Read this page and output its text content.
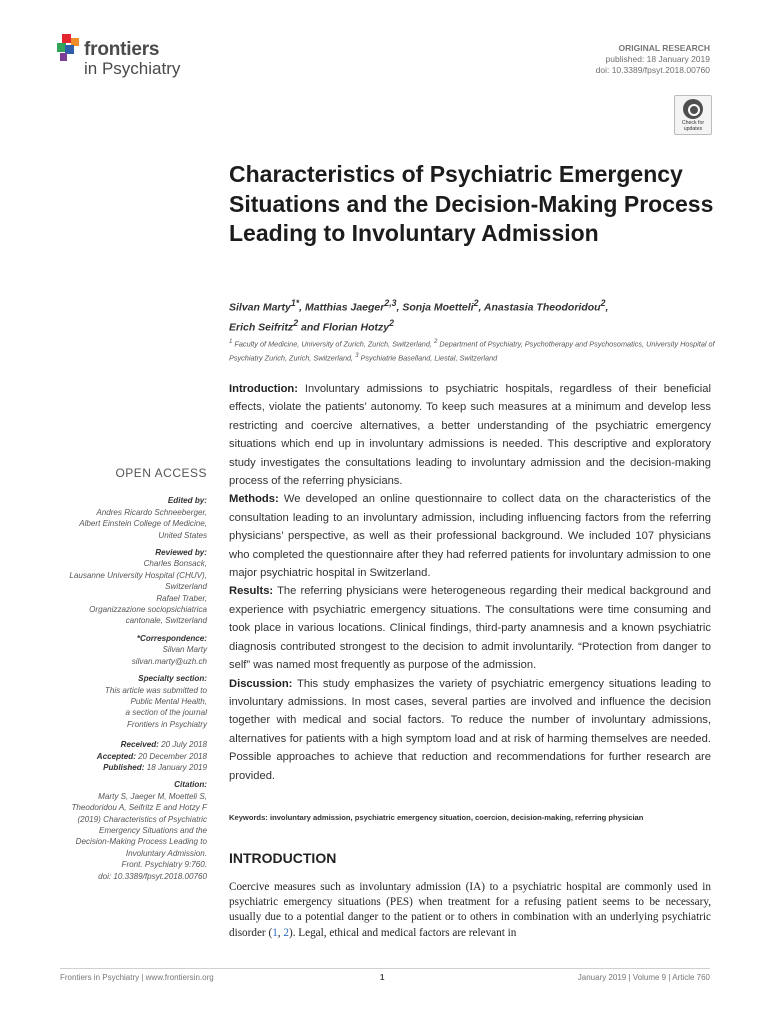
frontiers
in Psychiatry
ORIGINAL RESEARCH
published: 18 January 2019
doi: 10.3389/fpsyt.2018.00760
Check for updates
Characteristics of Psychiatric Emergency Situations and the Decision-Making Process Leading to Involuntary Admission
Silvan Marty$^{1*}$, Matthias Jaeger$^{2,3}$, Sonja Moetteli$^2$, Anastasia Theodoridou$^2$,
Erich Seifritz$^2$ and Florian Hotzy$^2$
$^1$ Faculty of Medicine, University of Zurich, Zurich, Switzerland, $^2$ Department of Psychiatry, Psychotherapy and Psychosomatics, University Hospital of Psychiatry Zurich, Zurich, Switzerland, $^3$ Psychiatrie Baselland, Liestal, Switzerland

Introduction: Involuntary admissions to psychiatric hospitals, regardless of their beneficial effects, violate the patients’ autonomy. To keep such measures at a minimum and develop less restricting and coercive alternatives, a better understanding of the psychiatric emergency situations which end up in involuntary admissions is needed. This descriptive and exploratory study investigates the consultations leading to involuntary admission and the decision-making process of the referring physicians.

Methods: We developed an online questionnaire to collect data on the characteristics of the consultation leading to an involuntary admission, including influencing factors from the referring physicians’ perspective, as well as their professional background. We included 107 physicians who completed the questionnaire after they had referred patients for involuntary admission to one major psychiatric hospital in Switzerland.

Results: The referring physicians were heterogeneous regarding their medical background and experience with psychiatric emergency situations. The consultations were time consuming and took place in various locations. Clinical findings, third-party anamnesis and a known psychiatric diagnosis contributed strongest to the decision to admit involuntarily. “Protection from danger to self” was named most frequently as purpose of the admission.

Discussion: This study emphasizes the variety of psychiatric emergency situations leading to involuntary admissions. In most cases, several parties are involved and influence the decision together with medical and social factors. To reduce the number of involuntary admissions, alternatives for patients with a high symptom load and at risk of harming themselves are needed. Possible approaches to achieve that reduction and recommendations for further research are provided.

Keywords: involuntary admission, psychiatric emergency situation, coercion, decision-making, referring physician
OPEN ACCESS
Edited by:
Andres Ricardo Schneeberger,
Albert Einstein College of Medicine,
United States
Reviewed by:
Charles Bonsack,
Lausanne University Hospital (CHUV),
Switzerland
Rafael Traber,
Organizzazione sociopsichiatrica
cantonale, Switzerland
*Correspondence:
Silvan Marty
silvan.marty@uzh.ch
Specialty section:
This article was submitted to
Public Mental Health,
a section of the journal
Frontiers in Psychiatry
Received: 20 July 2018
Accepted: 20 December 2018
Published: 18 January 2019
Citation:
Marty S, Jaeger M, Moetteli S,
Theodoridou A, Seifritz E and Hotzy F
(2019) Characteristics of Psychiatric
Emergency Situations and the
Decision-Making Process Leading to
Involuntary Admission.
Front. Psychiatry 9:760.
doi: 10.3389/fpsyt.2018.00760
INTRODUCTION
Coercive measures such as involuntary admission (IA) to a psychiatric hospital are commonly used in psychiatric emergency situations (PES) when treatment for a refusing patient seems to be necessary, usually due to a potential danger to the patient or to others in combination with an underlying psychiatric disorder (1, 2). Legal, ethical and medical factors are relevant in
Frontiers in Psychiatry | www.frontiersin.org	1	January 2019 | Volume 9 | Article 760
